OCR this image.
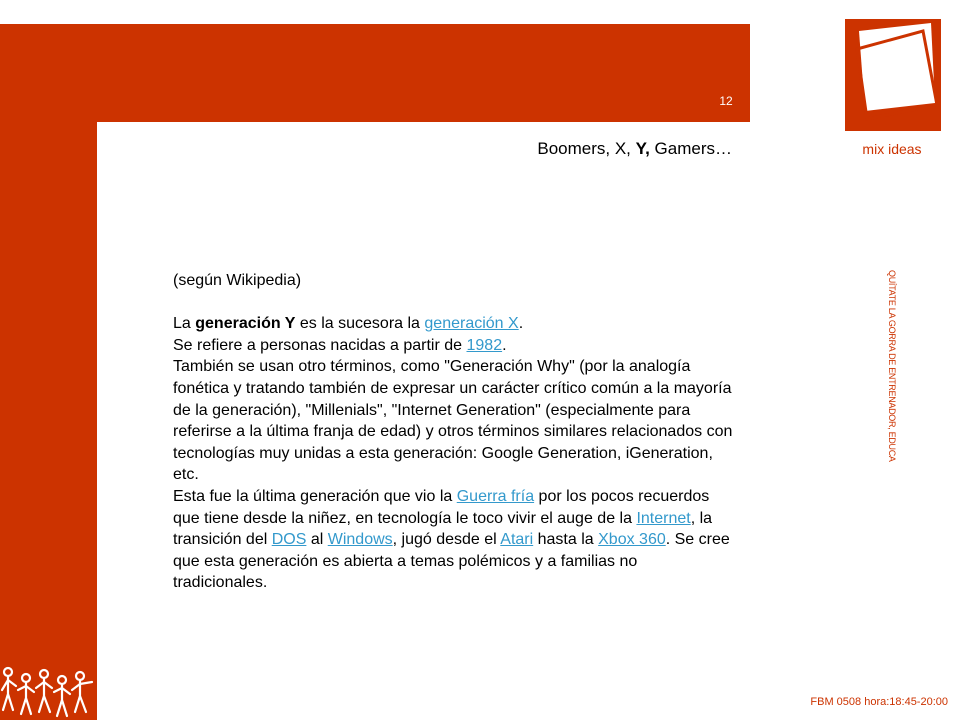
12
Boomers, X, Y, Gamers…	mix ideas
QUÍTATE LA GORRA DE ENTRENADOR, EDUCA

(según Wikipedia)

La generación Y es la sucesora la generación X.

Se refiere a personas nacidas a partir de 1982.

También se usan otro términos, como "Generación Why" (por la analogía fonética y tratando también de expresar un carácter crítico común a la mayoría de la generación), "Millenials", "Internet Generation" (especialmente para referirse a la última franja de edad) y otros términos similares relacionados con tecnologías muy unidas a esta generación: Google Generation, iGeneration, etc.

Esta fue la última generación que vio la Guerra fría por los pocos recuerdos que tiene desde la niñez, en tecnología le toco vivir el auge de la Internet, la transición del DOS al Windows, jugó desde el Atari hasta la Xbox 360. Se cree que esta generación es abierta a temas polémicos y a familias no tradicionales.

FBM 0508 hora:18:45-20:00
